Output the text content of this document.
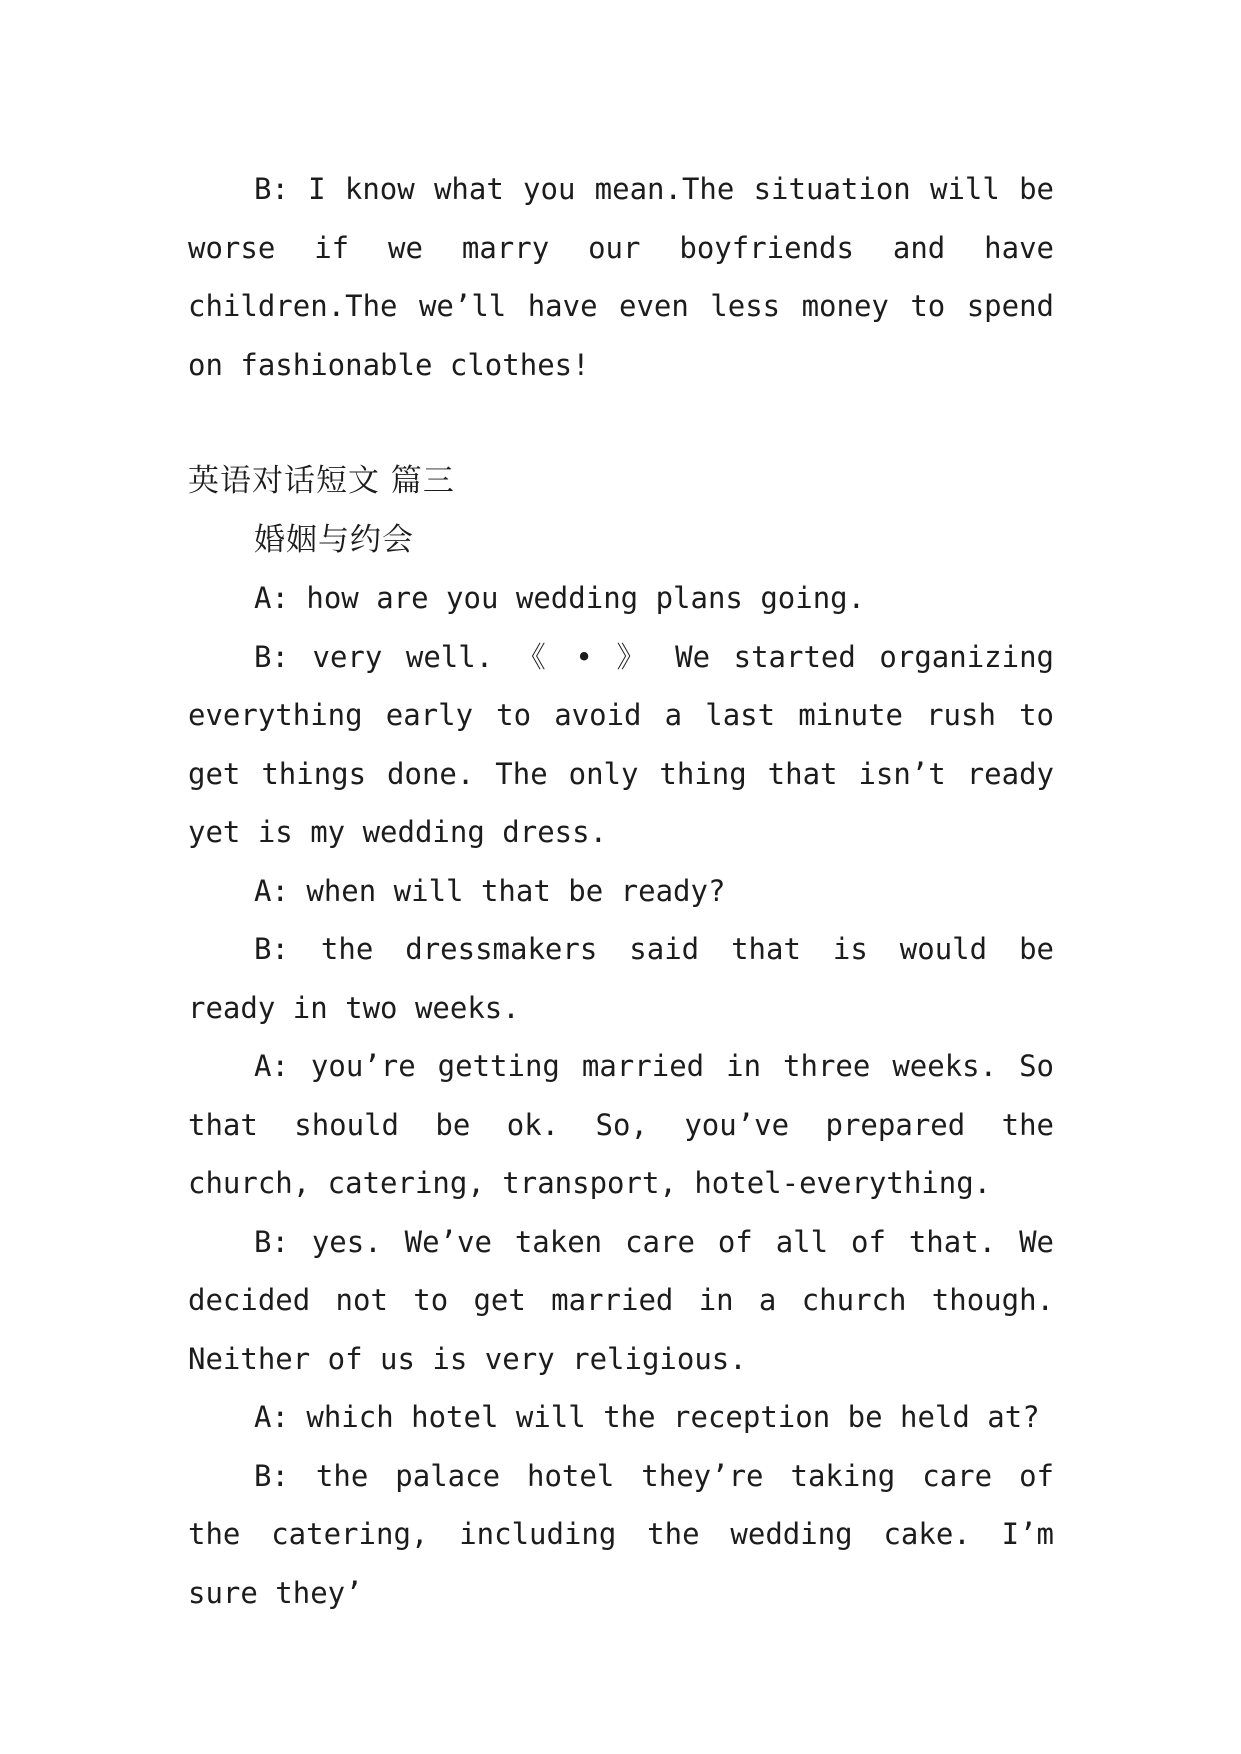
B: I know what you mean.The situation will be worse if we marry our boyfriends and have children.The we’ll have even less money to spend on fashionable clothes!

英语对话短文 篇三

婚姻与约会

A: how are you wedding plans going.

B: very well. 《 • 》 We started organizing everything early to avoid a last minute rush to get things done. The only thing that isn’t ready yet is my wedding dress.

A: when will that be ready?

B: the dressmakers said that is would be ready in two weeks.

A: you’re getting married in three weeks. So that should be ok. So, you’ve prepared the church, catering, transport, hotel-everything.

B: yes. We’ve taken care of all of that. We decided not to get married in a church though. Neither of us is very religious.

A: which hotel will the reception be held at?

B: the palace hotel they’re taking care of the catering, including the wedding cake. I’m sure they’
